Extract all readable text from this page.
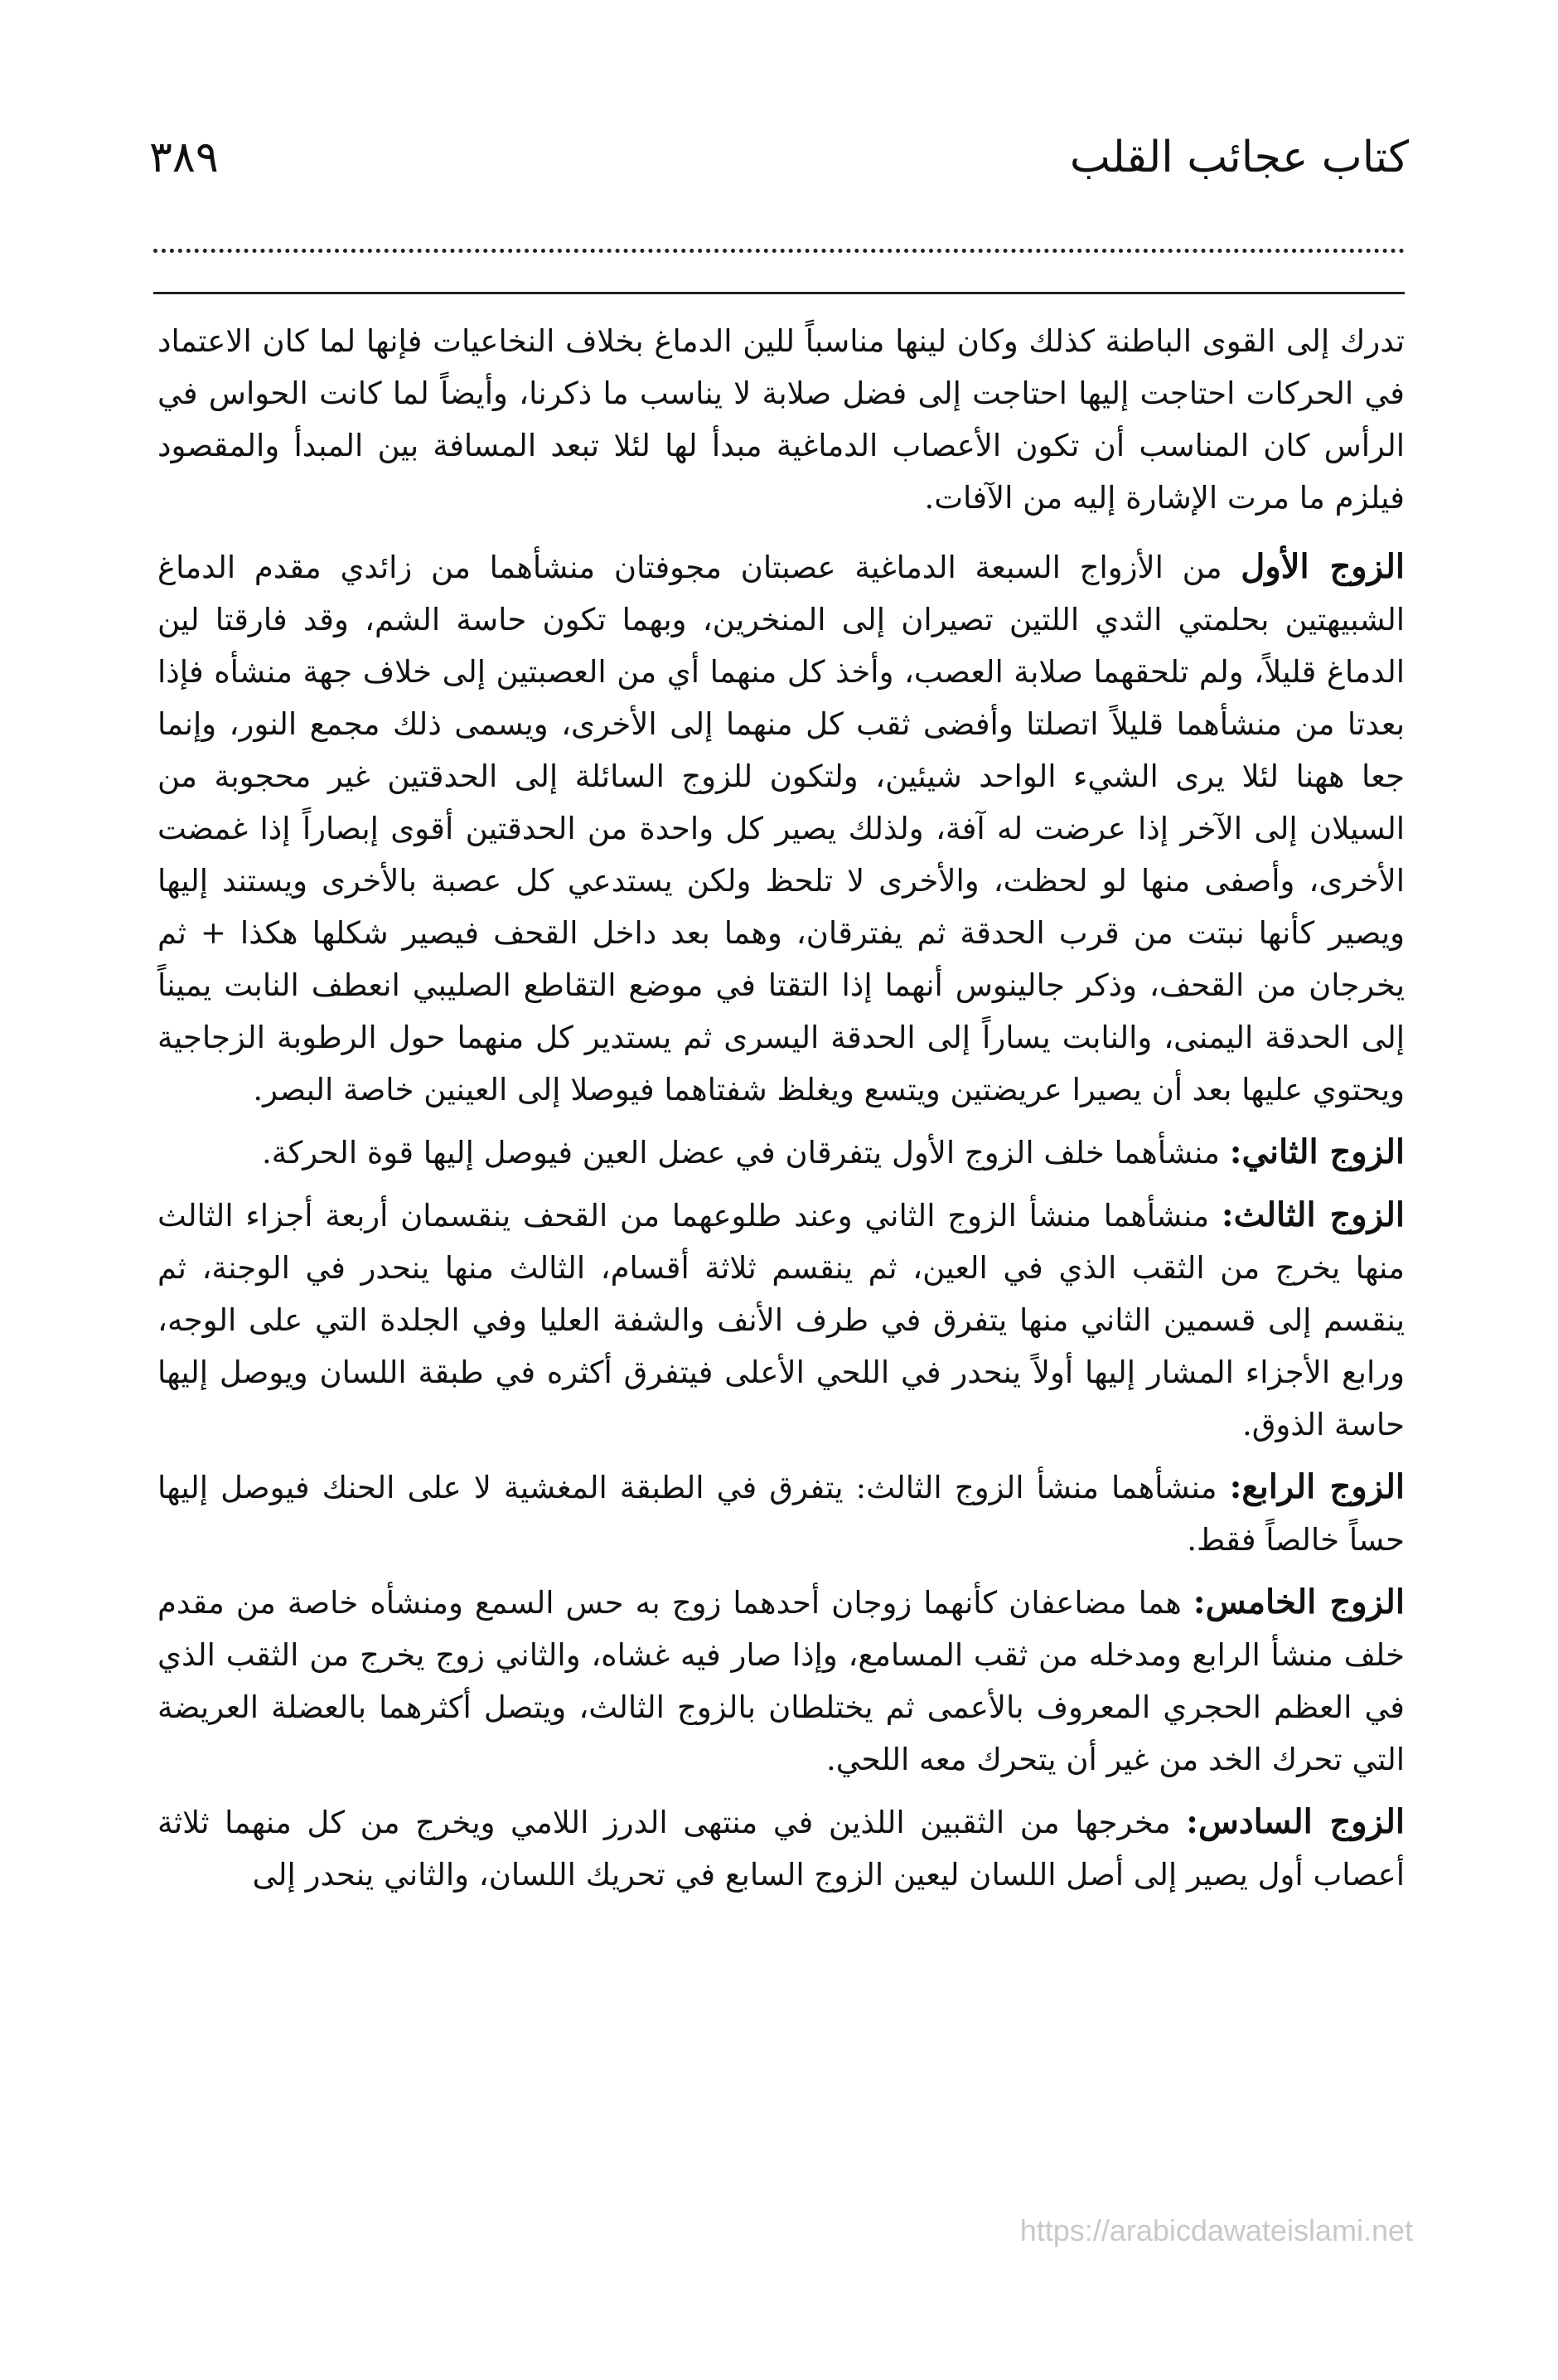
٣٨٩	كتاب عجائب القلب

تدرك إلى القوى الباطنة كذلك وكان لينها مناسباً للين الدماغ بخلاف النخاعيات فإنها لما كان الاعتماد في الحركات احتاجت إليها احتاجت إلى فضل صلابة لا يناسب ما ذكرنا، وأيضاً لما كانت الحواس في الرأس كان المناسب أن تكون الأعصاب الدماغية مبدأ لها لئلا تبعد المسافة بين المبدأ والمقصود فيلزم ما مرت الإشارة إليه من الآفات.

الزوج الأول من الأزواج السبعة الدماغية عصبتان مجوفتان منشأهما من زائدي مقدم الدماغ الشبيهتين بحلمتي الثدي اللتين تصيران إلى المنخرين، وبهما تكون حاسة الشم، وقد فارقتا لين الدماغ قليلاً، ولم تلحقهما صلابة العصب، وأخذ كل منهما أي من العصبتين إلى خلاف جهة منشأه فإذا بعدتا من منشأهما قليلاً اتصلتا وأفضى ثقب كل منهما إلى الأخرى، ويسمى ذلك مجمع النور، وإنما جعا ههنا لئلا يرى الشيء الواحد شيئين، ولتكون للزوج السائلة إلى الحدقتين غير محجوبة من السيلان إلى الآخر إذا عرضت له آفة، ولذلك يصير كل واحدة من الحدقتين أقوى إبصاراً إذا غمضت الأخرى، وأصفى منها لو لحظت، والأخرى لا تلحظ ولكن يستدعي كل عصبة بالأخرى ويستند إليها ويصير كأنها نبتت من قرب الحدقة ثم يفترقان، وهما بعد داخل القحف فيصير شكلها هكذا + ثم يخرجان من القحف، وذكر جالينوس أنهما إذا التقتا في موضع التقاطع الصليبي انعطف النابت يميناً إلى الحدقة اليمنى، والنابت يساراً إلى الحدقة اليسرى ثم يستدير كل منهما حول الرطوبة الزجاجية ويحتوي عليها بعد أن يصيرا عريضتين ويتسع ويغلظ شفتاهما فيوصلا إلى العينين خاصة البصر.

الزوج الثاني: منشأهما خلف الزوج الأول يتفرقان في عضل العين فيوصل إليها قوة الحركة.

الزوج الثالث: منشأهما منشأ الزوج الثاني وعند طلوعهما من القحف ينقسمان أربعة أجزاء الثالث منها يخرج من الثقب الذي في العين، ثم ينقسم ثلاثة أقسام، الثالث منها ينحدر في الوجنة، ثم ينقسم إلى قسمين الثاني منها يتفرق في طرف الأنف والشفة العليا وفي الجلدة التي على الوجه، ورابع الأجزاء المشار إليها أولاً ينحدر في اللحي الأعلى فيتفرق أكثره في طبقة اللسان ويوصل إليها حاسة الذوق.

الزوج الرابع: منشأهما منشأ الزوج الثالث: يتفرق في الطبقة المغشية لا على الحنك فيوصل إليها حساً خالصاً فقط.

الزوج الخامس: هما مضاعفان كأنهما زوجان أحدهما زوج به حس السمع ومنشأه خاصة من مقدم خلف منشأ الرابع ومدخله من ثقب المسامع، وإذا صار فيه غشاه، والثاني زوج يخرج من الثقب الذي في العظم الحجري المعروف بالأعمى ثم يختلطان بالزوج الثالث، ويتصل أكثرهما بالعضلة العريضة التي تحرك الخد من غير أن يتحرك معه اللحي.

الزوج السادس: مخرجها من الثقبين اللذين في منتهى الدرز اللامي ويخرج من كل منهما ثلاثة أعصاب أول يصير إلى أصل اللسان ليعين الزوج السابع في تحريك اللسان، والثاني ينحدر إلى

https://arabicdawateislami.net
